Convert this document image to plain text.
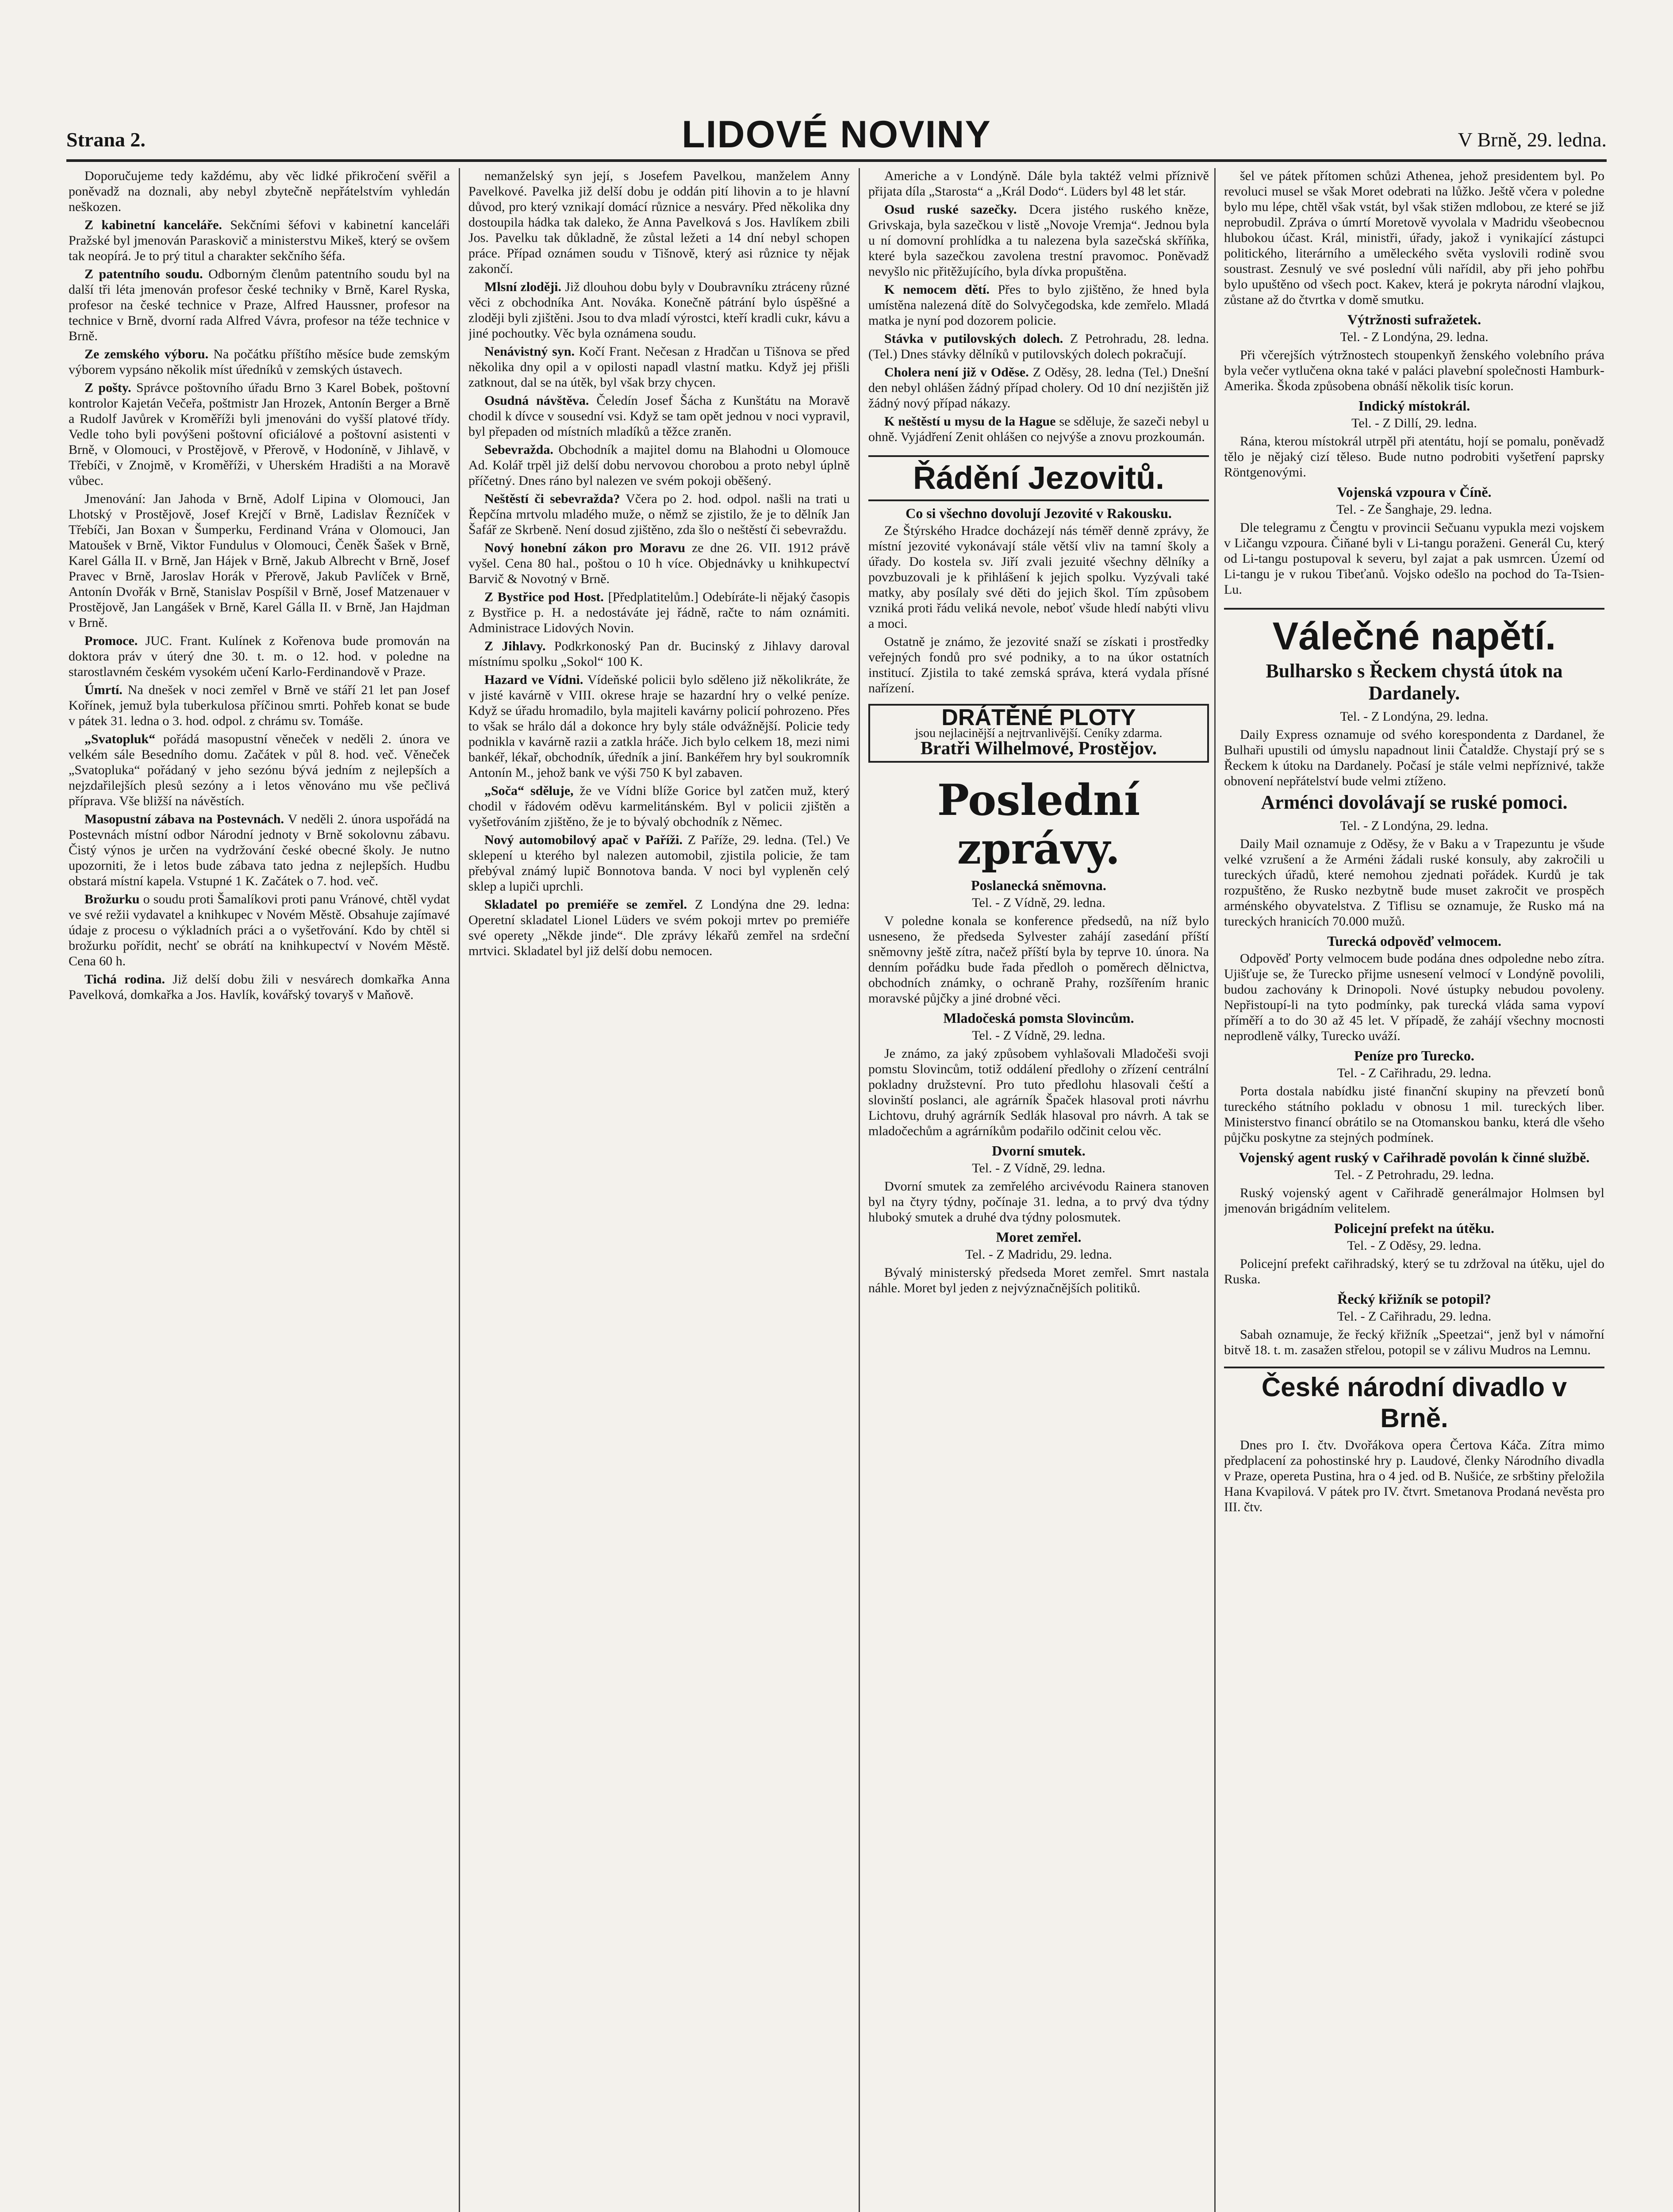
Strana 2.	LIDOVÉ NOVINY	V Brně, 29. ledna.

Doporučujeme tedy každému, aby věc lidké přikročení svěřil a poněvadž na doznali, aby nebyl zbytečně nepřátelstvím vyhledán neškozen.

Z kabinetní kanceláře. Sekčními šéfovi v kabinetní kanceláři Pražské byl jmenován Paraskovič a ministerstvu Mikeš, který se ovšem tak neopírá. Je to prý titul a charakter sekčního šéfa.

Z patentního soudu. Odborným členům patentního soudu byl na další tři léta jmenován profesor české techniky v Brně, Karel Ryska, profesor na české technice v Praze, Alfred Haussner, profesor na technice v Brně, dvorní rada Alfred Vávra, profesor na téže technice v Brně.

Ze zemského výboru. Na počátku příštího měsíce bude zemským výborem vypsáno několik míst úředníků v zemských ústavech.

Z pošty. Správce poštovního úřadu Brno 3 Karel Bobek, poštovní kontrolor Kajetán Večeřa, poštmistr Jan Hrozek, Antonín Berger a Brně a Rudolf Javůrek v Kroměříži byli jmenováni do vyšší platové třídy. Vedle toho byli povýšeni poštovní oficiálové a poštovní asistenti v Brně, v Olomouci, v Prostějově, v Přerově, v Hodoníně, v Jihlavě, v Třebíči, v Znojmě, v Kroměříži, v Uherském Hradišti a na Moravě vůbec.

Jmenování: Jan Jahoda v Brně, Adolf Lipina v Olomouci, Jan Lhotský v Prostějově, Josef Krejčí v Brně, Ladislav Řezníček v Třebíči, Jan Boxan v Šumperku, Ferdinand Vrána v Olomouci, Jan Matoušek v Brně, Viktor Fundulus v Olomouci, Čeněk Šašek v Brně, Karel Gálla II. v Brně, Jan Hájek v Brně, Jakub Albrecht v Brně, Josef Pravec v Brně, Jaroslav Horák v Přerově, Jakub Pavlíček v Brně, Antonín Dvořák v Brně, Stanislav Pospíšil v Brně, Josef Matzenauer v Prostějově, Jan Langášek v Brně, Karel Gálla II. v Brně, Jan Hajdman v Brně.

Promoce. JUC. Frant. Kulínek z Kořenova bude promován na doktora práv v úterý dne 30. t. m. o 12. hod. v poledne na starostlavném českém vysokém učení Karlo-Ferdinandově v Praze.

Úmrtí. Na dnešek v noci zemřel v Brně ve stáří 21 let pan Josef Kořínek, jemuž byla tuberkulosa příčinou smrti. Pohřeb konat se bude v pátek 31. ledna o 3. hod. odpol. z chrámu sv. Tomáše.

„Svatopluk“ pořádá masopustní věneček v neděli 2. února ve velkém sále Besedního domu. Začátek v půl 8. hod. več. Věneček „Svatopluka“ pořádaný v jeho sezónu bývá jedním z nejlepších a nejzdařilejších plesů sezóny a i letos věnováno mu vše pečlivá příprava. Vše bližší na návěstích.

Masopustní zábava na Postevnách. V neděli 2. února uspořádá na Postevnách místní odbor Národní jednoty v Brně sokolovnu zábavu. Čistý výnos je určen na vydržování české obecné školy. Je nutno upozorniti, že i letos bude zábava tato jedna z nejlepších. Hudbu obstará místní kapela. Vstupné 1 K. Začátek o 7. hod. več.

Brožurku o soudu proti Šamalíkovi proti panu Vránové, chtěl vydat ve své režii vydavatel a knihkupec v Novém Městě. Obsahuje zajímavé údaje z procesu o výkladních práci a o vyšetřování. Kdo by chtěl si brožurku pořídit, nechť se obrátí na knihkupectví v Novém Městě. Cena 60 h.

Tichá rodina. Již delší dobu žili v nesvárech domkařka Anna Pavelková, domkařka a Jos. Havlík, kovářský tovaryš v Maňově.

nemanželský syn její, s Josefem Pavelkou, manželem Anny Pavelkové. Pavelka již delší dobu je oddán pití lihovin a to je hlavní důvod, pro který vznikají domácí různice a nesváry. Před několika dny dostoupila hádka tak daleko, že Anna Pavelková s Jos. Havlíkem zbili Jos. Pavelku tak důkladně, že zůstal ležeti a 14 dní nebyl schopen práce. Případ oznámen soudu v Tišnově, který asi různice ty nějak zakončí.

Mlsní zloději. Již dlouhou dobu byly v Doubravníku ztráceny různé věci z obchodníka Ant. Nováka. Konečně pátrání bylo úspěšné a zloději byli zjištěni. Jsou to dva mladí výrostci, kteří kradli cukr, kávu a jiné pochoutky. Věc byla oznámena soudu.

Nenávistný syn. Kočí Frant. Nečesan z Hradčan u Tišnova se před několika dny opil a v opilosti napadl vlastní matku. Když jej přišli zatknout, dal se na útěk, byl však brzy chycen.

Osudná návštěva. Čeledín Josef Šácha z Kunštátu na Moravě chodil k dívce v sousední vsi. Když se tam opět jednou v noci vypravil, byl přepaden od místních mladíků a těžce zraněn.

Sebevražda. Obchodník a majitel domu na Blahodni u Olomouce Ad. Kolář trpěl již delší dobu nervovou chorobou a proto nebyl úplně příčetný. Dnes ráno byl nalezen ve svém pokoji oběšený.

Neštěstí či sebevražda? Včera po 2. hod. odpol. našli na trati u Řepčína mrtvolu mladého muže, o němž se zjistilo, že je to dělník Jan Šafář ze Skrbeně. Není dosud zjištěno, zda šlo o neštěstí či sebevraždu.

Nový honební zákon pro Moravu ze dne 26. VII. 1912 právě vyšel. Cena 80 hal., poštou o 10 h více. Objednávky u knihkupectví Barvič & Novotný v Brně.

Z Bystřice pod Host. [Předplatitelům.] Odebíráte-li nějaký časopis z Bystřice p. H. a nedostáváte jej řádně, račte to nám oznámiti. Administrace Lidových Novin.

Z Jihlavy. Podkrkonoský Pan dr. Bucinský z Jihlavy daroval místnímu spolku „Sokol“ 100 K.

Hazard ve Vídni. Vídeňské policii bylo sděleno již několikráte, že v jisté kavárně v VIII. okrese hraje se hazardní hry o velké peníze. Když se úřadu hromadilo, byla majiteli kavárny policií pohrozeno. Přes to však se hrálo dál a dokonce hry byly stále odvážnější. Policie tedy podnikla v kavárně razii a zatkla hráče. Jich bylo celkem 18, mezi nimi bankéř, lékař, obchodník, úředník a jiní. Bankéřem hry byl soukromník Antonín M., jehož bank ve výši 750 K byl zabaven.

„Soča“ sděluje, že ve Vídni blíže Gorice byl zatčen muž, který chodil v řádovém oděvu karmelitánském. Byl v policii zjištěn a vyšetřováním zjištěno, že je to bývalý obchodník z Němec.

Nový automobilový apač v Paříži. Z Paříže, 29. ledna. (Tel.) Ve sklepení u kterého byl nalezen automobil, zjistila policie, že tam přebýval známý lupič Bonnotova banda. V noci byl vypleněn celý sklep a lupiči uprchli.

Skladatel po premiéře se zemřel. Z Londýna dne 29. ledna: Operetní skladatel Lionel Lüders ve svém pokoji mrtev po premiéře své operety „Někde jinde“. Dle zprávy lékařů zemřel na srdeční mrtvici. Skladatel byl již delší dobu nemocen.

Americhe a v Londýně. Dále byla taktéž velmi příznivě přijata díla „Starosta“ a „Král Dodo“. Lüders byl 48 let stár.

Osud ruské sazečky. Dcera jistého ruského kněze, Grivskaja, byla sazečkou v listě „Novoje Vremja“. Jednou byla u ní domovní prohlídka a tu nalezena byla sazečská skříňka, které byla sazečkou zavolena trestní pravomoc. Poněvadž nevyšlo nic přitěžujícího, byla dívka propuštěna.

K nemocem dětí. Přes to bylo zjištěno, že hned byla umístěna nalezená dítě do Solvyčegodska, kde zemřelo. Mladá matka je nyní pod dozorem policie.

Stávka v putilovských dolech. Z Petrohradu, 28. ledna. (Tel.) Dnes stávky dělníků v putilovských dolech pokračují.

Cholera není již v Oděse. Z Oděsy, 28. ledna (Tel.) Dnešní den nebyl ohlášen žádný případ cholery. Od 10 dní nezjištěn již žádný nový případ nákazy.

K neštěstí u mysu de la Hague se sděluje, že sazeči nebyl u ohně. Vyjádření Zenit ohlášen co nejvýše a znovu prozkoumán.

Řádění Jezovitů.
Co si všechno dovolují Jezovité v Rakousku.

Ze Štýrského Hradce docházejí nás téměř denně zprávy, že místní jezovité vykonávají stále větší vliv na tamní školy a úřady. Do kostela sv. Jiří zvali jezuité všechny dělníky a povzbuzovali je k přihlášení k jejich spolku. Vyzývali také matky, aby posílaly své děti do jejich škol. Tím způsobem vzniká proti řádu veliká nevole, neboť všude hledí nabýti vlivu a moci.

Ostatně je známo, že jezovité snaží se získati i prostředky veřejných fondů pro své podniky, a to na úkor ostatních institucí. Zjistila to také zemská správa, která vydala přísné nařízení.

DRÁTĚNÉ PLOTY
jsou nejlacinější a nejtrvanlivější. Ceníky zdarma.
Bratři Wilhelmové, Prostějov.
Poslední zprávy.
Poslanecká sněmovna.

Tel. - Z Vídně, 29. ledna.

V poledne konala se konference předsedů, na níž bylo usneseno, že předseda Sylvester zahájí zasedání příští sněmovny ještě zítra, načež příští byla by teprve 10. února. Na denním pořádku bude řada předloh o poměrech dělnictva, obchodních známky, o ochraně Prahy, rozšířením hranic moravské půjčky a jiné drobné věci.

Mladočeská pomsta Slovincům.

Tel. - Z Vídně, 29. ledna.

Je známo, za jaký způsobem vyhlašovali Mladočeši svoji pomstu Slovincům, totiž oddálení předlohy o zřízení centrální pokladny družstevní. Pro tuto předlohu hlasovali čeští a slovinští poslanci, ale agrárník Špaček hlasoval proti návrhu Lichtovu, druhý agrárník Sedlák hlasoval pro návrh. A tak se mladočechům a agrárníkům podařilo odčinit celou věc.

Dvorní smutek.

Tel. - Z Vídně, 29. ledna.

Dvorní smutek za zemřelého arcivévodu Rainera stanoven byl na čtyry týdny, počínaje 31. ledna, a to prvý dva týdny hluboký smutek a druhé dva týdny polosmutek.

Moret zemřel.

Tel. - Z Madridu, 29. ledna.

Bývalý ministerský předseda Moret zemřel. Smrt nastala náhle. Moret byl jeden z nejvýznačnějších politiků.

šel ve pátek přítomen schůzi Athenea, jehož presidentem byl. Po revoluci musel se však Moret odebrati na lůžko. Ještě včera v poledne bylo mu lépe, chtěl však vstát, byl však stižen mdlobou, ze které se již neprobudil. Zpráva o úmrtí Moretově vyvolala v Madridu všeobecnou hlubokou účast. Král, ministři, úřady, jakož i vynikající zástupci politického, literárního a uměleckého světa vyslovili rodině svou soustrast. Zesnulý ve své poslední vůli nařídil, aby při jeho pohřbu bylo upuštěno od všech poct. Kakev, která je pokryta národní vlajkou, zůstane až do čtvrtka v domě smutku.

Výtržnosti sufražetek.

Tel. - Z Londýna, 29. ledna.

Při včerejších výtržnostech stoupenkyň ženského volebního práva byla večer vytlučena okna také v paláci plavební společnosti Hamburk-Amerika. Škoda způsobena obnáší několik tisíc korun.

Indický místokrál.

Tel. - Z Dillí, 29. ledna.

Rána, kterou místokrál utrpěl při atentátu, hojí se pomalu, poněvadž tělo je nějaký cizí těleso. Bude nutno podrobiti vyšetření paprsky Röntgenovými.

Vojenská vzpoura v Číně.

Tel. - Ze Šanghaje, 29. ledna.

Dle telegramu z Čengtu v provincii Sečuanu vypukla mezi vojskem v Ličangu vzpoura. Čiňané byli v Li-tangu poraženi. Generál Cu, který od Li-tangu postupoval k severu, byl zajat a pak usmrcen. Území od Li-tangu je v rukou Tibeťanů. Vojsko odešlo na pochod do Ta-Tsien-Lu.

Válečné napětí.
Bulharsko s Řeckem chystá útok na Dardanely.

Tel. - Z Londýna, 29. ledna.

Daily Express oznamuje od svého korespondenta z Dardanel, že Bulhaři upustili od úmyslu napadnout linii Čataldže. Chystají prý se s Řeckem k útoku na Dardanely. Počasí je stále velmi nepříznivé, takže obnovení nepřátelství bude velmi ztíženo.

Arménci dovolávají se ruské pomoci.

Tel. - Z Londýna, 29. ledna.

Daily Mail oznamuje z Oděsy, že v Baku a v Trapezuntu je všude velké vzrušení a že Arméni žádali ruské konsuly, aby zakročili u tureckých úřadů, které nemohou zjednati pořádek. Kurdů je tak rozpuštěno, že Rusko nezbytně bude muset zakročit ve prospěch arménského obyvatelstva. Z Tiflisu se oznamuje, že Rusko má na tureckých hranicích 70.000 mužů.

Turecká odpověď velmocem.

Odpověď Porty velmocem bude podána dnes odpoledne nebo zítra. Ujišťuje se, že Turecko přijme usnesení velmocí v Londýně povolili, budou zachovány k Drinopoli. Nové ústupky nebudou povoleny. Nepřistoupí-li na tyto podmínky, pak turecká vláda sama vypoví příměří a to do 30 až 45 let. V případě, že zahájí všechny mocnosti neprodleně války, Turecko uváží.

Peníze pro Turecko.

Tel. - Z Cařihradu, 29. ledna.

Porta dostala nabídku jisté finanční skupiny na převzetí bonů tureckého státního pokladu v obnosu 1 mil. tureckých liber. Ministerstvo financí obrátilo se na Otomanskou banku, která dle všeho půjčku poskytne za stejných podmínek.

Vojenský agent ruský v Cařihradě povolán k činné službě.

Tel. - Z Petrohradu, 29. ledna.

Ruský vojenský agent v Cařihradě generálmajor Holmsen byl jmenován brigádním velitelem.

Policejní prefekt na útěku.

Tel. - Z Oděsy, 29. ledna.

Policejní prefekt cařihradský, který se tu zdržoval na útěku, ujel do Ruska.

Řecký křižník se potopil?

Tel. - Z Cařihradu, 29. ledna.

Sabah oznamuje, že řecký křižník „Speetzai“, jenž byl v námořní bitvě 18. t. m. zasažen střelou, potopil se v zálivu Mudros na Lemnu.

České národní divadlo v Brně.

Dnes pro I. čtv. Dvořákova opera Čertova Káča. Zítra mimo předplacení za pohostinské hry p. Laudové, členky Národního divadla v Praze, opereta Pustina, hra o 4 jed. od B. Nušiće, ze srbštiny přeložila Hana Kvapilová. V pátek pro IV. čtvrt. Smetanova Prodaná nevěsta pro III. čtv.
